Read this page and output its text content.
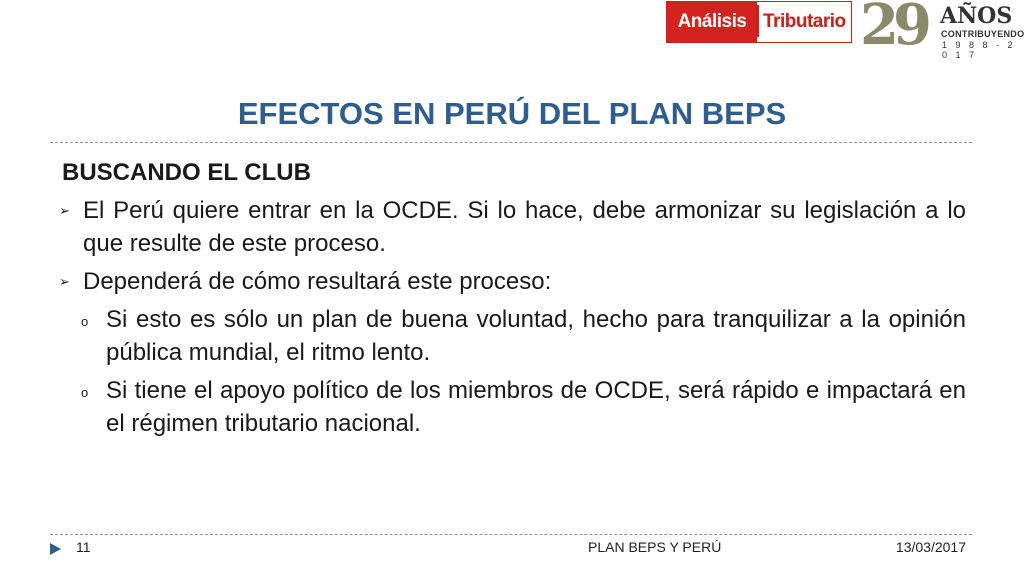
Análisis Tributario 29 AÑOS
CONTRIBUYENDO
1 9 8 8 - 2 0 1 7
EFECTOS EN PERÚ DEL PLAN BEPS
BUSCANDO EL CLUB
➢ El Perú quiere entrar en la OCDE. Si lo hace, debe armonizar su legislación a lo que resulte de este proceso.
➢ Dependerá de cómo resultará este proceso:
o Si esto es sólo un plan de buena voluntad, hecho para tranquilizar a la opinión pública mundial, el ritmo lento.
o Si tiene el apoyo político de los miembros de OCDE, será rápido e impactará en el régimen tributario nacional.
11	PLAN BEPS Y PERÚ	13/03/2017
